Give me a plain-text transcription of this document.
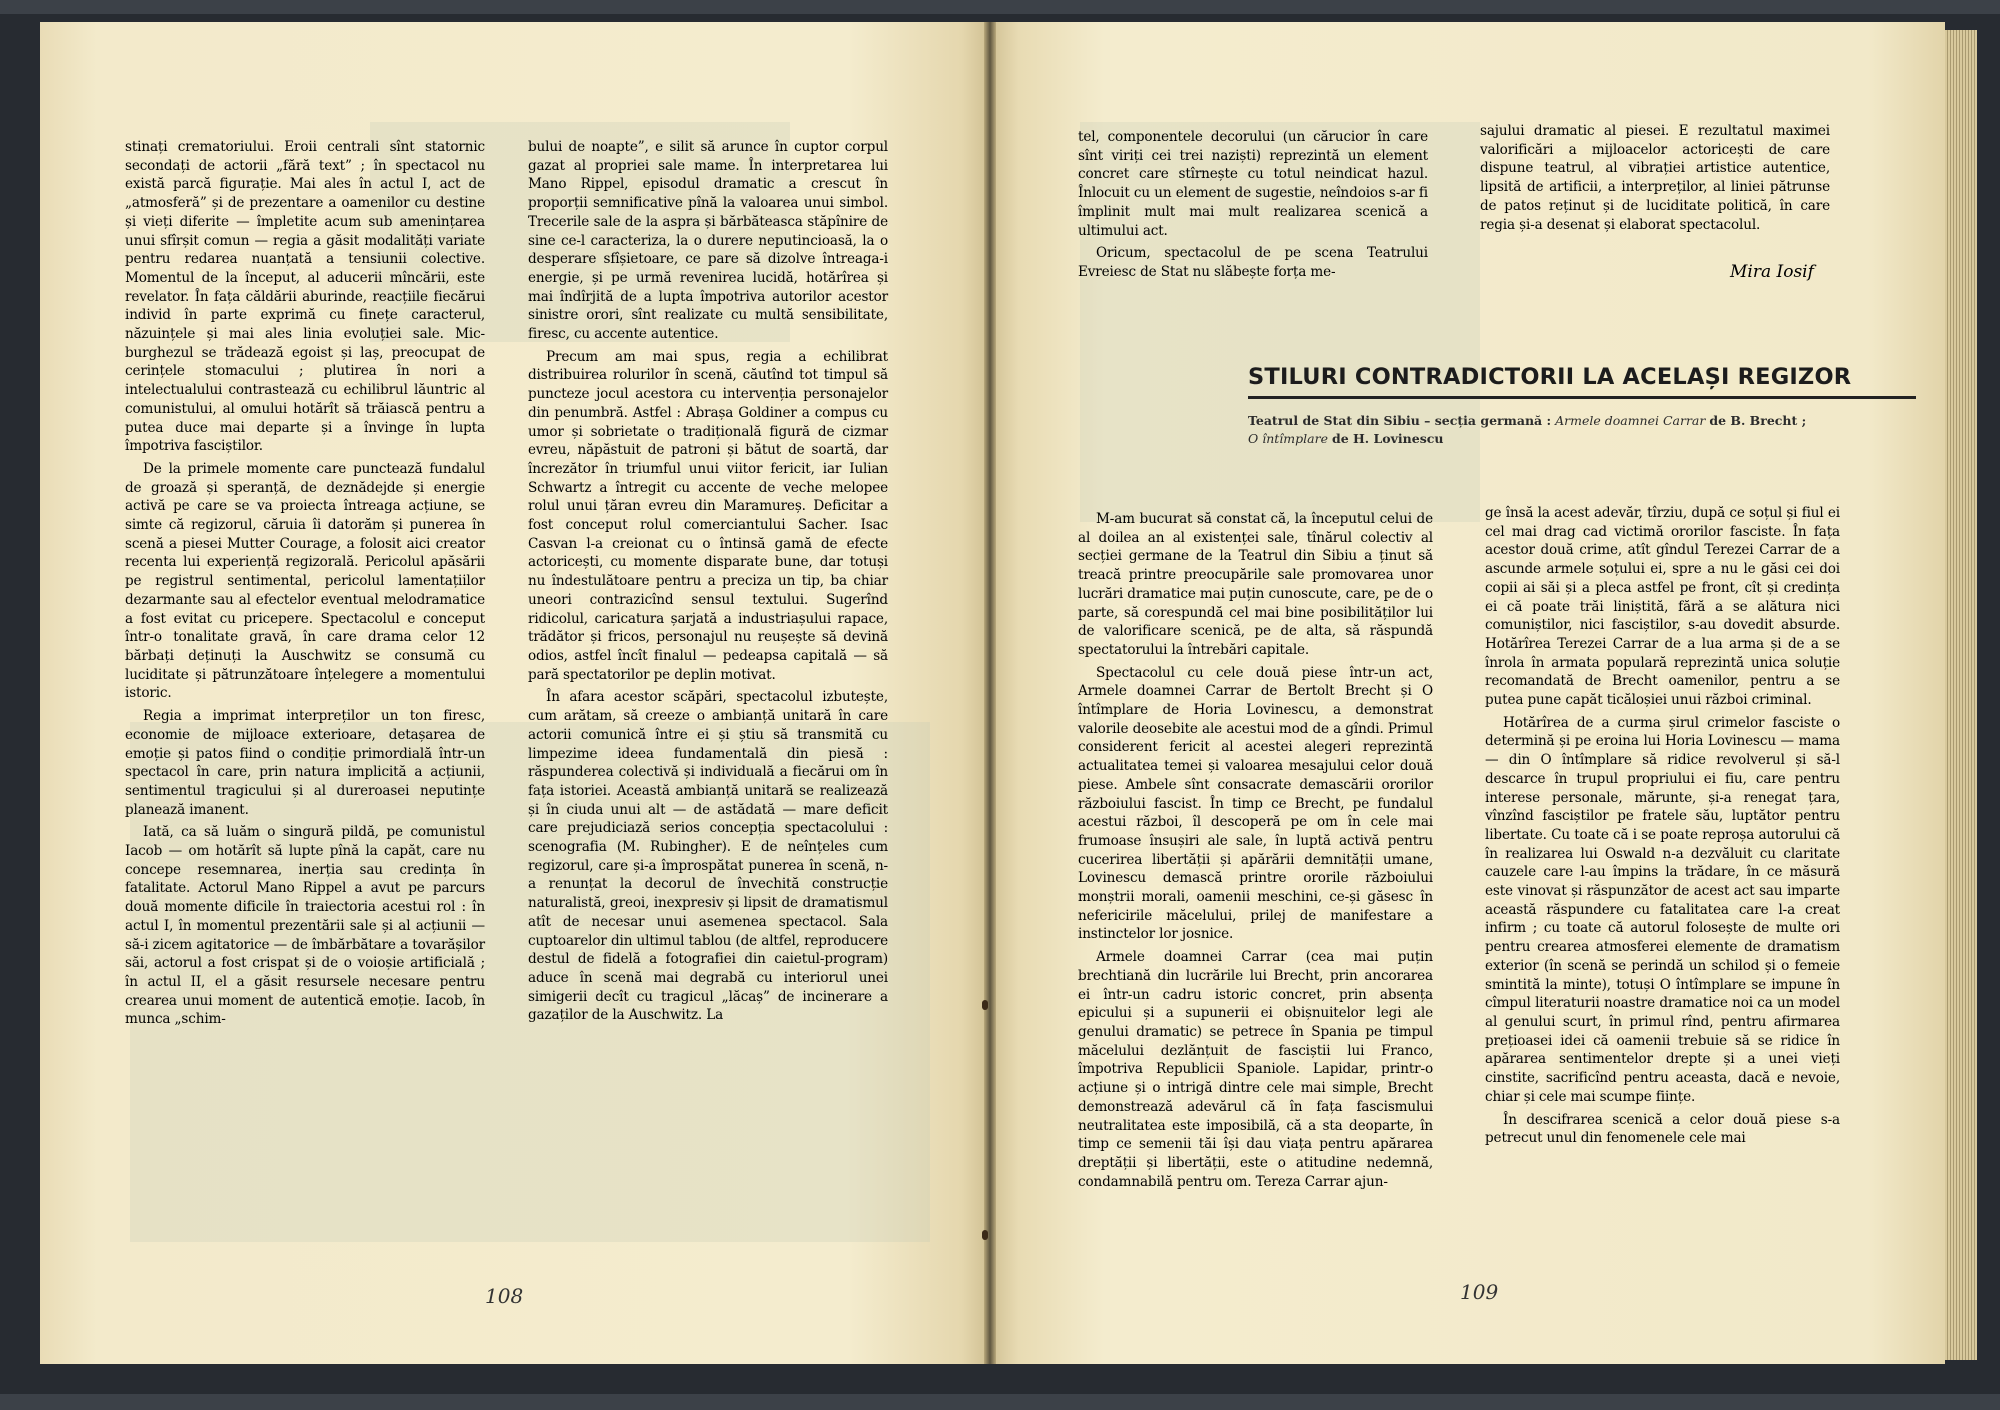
stinați crematoriului. Eroii centrali sînt statornic secondați de actorii „fără text” ; în spectacol nu există parcă figurație. Mai ales în actul I, act de „atmosferă” și de prezentare a oamenilor cu destine și vieți diferite — împletite acum sub amenințarea unui sfîrșit comun — regia a găsit modalități variate pentru redarea nuanțată a tensiunii colective. Momentul de la început, al aducerii mîncării, este revelator. În fața căldării aburinde, reacțiile fiecărui individ în parte exprimă cu finețe caracterul, năzuințele și mai ales linia evoluției sale. Mic-burghezul se trădează egoist și laș, preocupat de cerințele stomacului ; plutirea în nori a intelectualului contrastează cu echilibrul lăuntric al comunistului, al omului hotărît să trăiască pentru a putea duce mai departe și a învinge în lupta împotriva fasciștilor.

De la primele momente care punctează fundalul de groază și speranță, de deznădejde și energie activă pe care se va proiecta întreaga acțiune, se simte că regizorul, căruia îi datorăm și punerea în scenă a piesei Mutter Courage, a folosit aici creator recenta lui experiență regizorală. Pericolul apăsării pe registrul sentimental, pericolul lamentațiilor dezarmante sau al efectelor eventual melodramatice a fost evitat cu pricepere. Spectacolul e conceput într-o tonalitate gravă, în care drama celor 12 bărbați deținuți la Auschwitz se consumă cu luciditate și pătrunzătoare înțelegere a momentului istoric.

Regia a imprimat interpreților un ton firesc, economie de mijloace exterioare, detașarea de emoție și patos fiind o condiție primordială într-un spectacol în care, prin natura implicită a acțiunii, sentimentul tragicului și al dureroasei neputințe planează imanent.

Iată, ca să luăm o singură pildă, pe comunistul Iacob — om hotărît să lupte pînă la capăt, care nu concepe resemnarea, inerția sau credința în fatalitate. Actorul Mano Rippel a avut pe parcurs două momente dificile în traiectoria acestui rol : în actul I, în momentul prezentării sale și al acțiunii — să-i zicem agitatorice — de îmbărbătare a tovarășilor săi, actorul a fost crispat și de o voioșie artificială ; în actul II, el a găsit resursele necesare pentru crearea unui moment de autentică emoție. Iacob, în munca „schim-

bului de noapte”, e silit să arunce în cuptor corpul gazat al propriei sale mame. În interpretarea lui Mano Rippel, episodul dramatic a crescut în proporții semnificative pînă la valoarea unui simbol. Trecerile sale de la aspra și bărbăteasca stăpînire de sine ce-l caracteriza, la o durere neputincioasă, la o desperare sfîșietoare, ce pare să dizolve întreaga-i energie, și pe urmă revenirea lucidă, hotărîrea și mai îndîrjită de a lupta împotriva autorilor acestor sinistre orori, sînt realizate cu multă sensibilitate, firesc, cu accente autentice.

Precum am mai spus, regia a echilibrat distribuirea rolurilor în scenă, căutînd tot timpul să puncteze jocul acestora cu intervenția personajelor din penumbră. Astfel : Abrașa Goldiner a compus cu umor și sobrietate o tradițională figură de cizmar evreu, năpăstuit de patroni și bătut de soartă, dar încrezător în triumful unui viitor fericit, iar Iulian Schwartz a întregit cu accente de veche melopee rolul unui țăran evreu din Maramureș. Deficitar a fost conceput rolul comerciantului Sacher. Isac Casvan l-a creionat cu o întinsă gamă de efecte actoricești, cu momente disparate bune, dar totuși nu îndestulătoare pentru a preciza un tip, ba chiar uneori contrazicînd sensul textului. Sugerînd ridicolul, caricatura șarjată a industriașului rapace, trădător și fricos, personajul nu reușește să devină odios, astfel încît finalul — pedeapsa capitală — să pară spectatorilor pe deplin motivat.

În afara acestor scăpări, spectacolul izbutește, cum arătam, să creeze o ambianță unitară în care actorii comunică între ei și știu să transmită cu limpezime ideea fundamentală din piesă : răspunderea colectivă și individuală a fiecărui om în fața istoriei. Această ambianță unitară se realizează și în ciuda unui alt — de astădată — mare deficit care prejudiciază serios concepția spectacolului : scenografia (M. Rubingher). E de neînțeles cum regizorul, care și-a împrospătat punerea în scenă, n-a renunțat la decorul de învechită construcție naturalistă, greoi, inexpresiv și lipsit de dramatismul atît de necesar unui asemenea spectacol. Sala cuptoarelor din ultimul tablou (de altfel, reproducere destul de fidelă a fotografiei din caietul-program) aduce în scenă mai degrabă cu interiorul unei simigerii decît cu tragicul „lăcaș” de incinerare a gazaților de la Auschwitz. La

108

tel, componentele decorului (un cărucior în care sînt viriți cei trei naziști) reprezintă un element concret care stîrnește cu totul neindicat hazul. Înlocuit cu un element de sugestie, neîndoios s-ar fi împlinit mult mai mult realizarea scenică a ultimului act.

Oricum, spectacolul de pe scena Teatrului Evreiesc de Stat nu slăbește forța me-

sajului dramatic al piesei. E rezultatul maximei valorificări a mijloacelor actoricești de care dispune teatrul, al vibrației artistice autentice, lipsită de artificii, a interpreților, al liniei pătrunse de patos reținut și de luciditate politică, în care regia și-a desenat și elaborat spectacolul.

Mira Iosif
STILURI CONTRADICTORII LA ACELAȘI REGIZOR
Teatrul de Stat din Sibiu – secția germană : Armele doamnei Carrar de B. Brecht ;
O întîmplare de H. Lovinescu

M-am bucurat să constat că, la începutul celui de al doilea an al existenței sale, tînărul colectiv al secției germane de la Teatrul din Sibiu a ținut să treacă printre preocupările sale promovarea unor lucrări dramatice mai puțin cunoscute, care, pe de o parte, să corespundă cel mai bine posibilităților lui de valorificare scenică, pe de alta, să răspundă spectatorului la întrebări capitale.

Spectacolul cu cele două piese într-un act, Armele doamnei Carrar de Bertolt Brecht și O întîmplare de Horia Lovinescu, a demonstrat valorile deosebite ale acestui mod de a gîndi. Primul considerent fericit al acestei alegeri reprezintă actualitatea temei și valoarea mesajului celor două piese. Ambele sînt consacrate demascării ororilor războiului fascist. În timp ce Brecht, pe fundalul acestui război, îl descoperă pe om în cele mai frumoase însușiri ale sale, în luptă activă pentru cucerirea libertății și apărării demnității umane, Lovinescu demască printre ororile războiului monștrii morali, oamenii meschini, ce-și găsesc în nefericirile măcelului, prilej de manifestare a instinctelor lor josnice.

Armele doamnei Carrar (cea mai puțin brechtiană din lucrările lui Brecht, prin ancorarea ei într-un cadru istoric concret, prin absența epicului și a supunerii ei obișnuitelor legi ale genului dramatic) se petrece în Spania pe timpul măcelului dezlănțuit de fasciștii lui Franco, împotriva Republicii Spaniole. Lapidar, printr-o acțiune și o intrigă dintre cele mai simple, Brecht demonstrează adevărul că în fața fascismului neutralitatea este imposibilă, că a sta deoparte, în timp ce semenii tăi își dau viața pentru apărarea dreptății și libertății, este o atitudine nedemnă, condamnabilă pentru om. Tereza Carrar ajun-

ge însă la acest adevăr, tîrziu, după ce soțul și fiul ei cel mai drag cad victimă ororilor fasciste. În fața acestor două crime, atît gîndul Terezei Carrar de a ascunde armele soțului ei, spre a nu le găsi cei doi copii ai săi și a pleca astfel pe front, cît și credința ei că poate trăi liniștită, fără a se alătura nici comuniștilor, nici fasciștilor, s-au dovedit absurde. Hotărîrea Terezei Carrar de a lua arma și de a se înrola în armata populară reprezintă unica soluție recomandată de Brecht oamenilor, pentru a se putea pune capăt ticăloșiei unui război criminal.

Hotărîrea de a curma șirul crimelor fasciste o determină și pe eroina lui Horia Lovinescu — mama — din O întîmplare să ridice revolverul și să-l descarce în trupul propriului ei fiu, care pentru interese personale, mărunte, și-a renegat țara, vînzînd fasciștilor pe fratele său, luptător pentru libertate. Cu toate că i se poate reproșa autorului că în realizarea lui Oswald n-a dezvăluit cu claritate cauzele care l-au împins la trădare, în ce măsură este vinovat și răspunzător de acest act sau imparte această răspundere cu fatalitatea care l-a creat infirm ; cu toate că autorul folosește de multe ori pentru crearea atmosferei elemente de dramatism exterior (în scenă se perindă un schilod și o femeie smintită la minte), totuși O întîmplare se impune în cîmpul literaturii noastre dramatice noi ca un model al genului scurt, în primul rînd, pentru afirmarea prețioasei idei că oamenii trebuie să se ridice în apărarea sentimentelor drepte și a unei vieți cinstite, sacrificînd pentru aceasta, dacă e nevoie, chiar și cele mai scumpe ființe.

În descifrarea scenică a celor două piese s-a petrecut unul din fenomenele cele mai

109
